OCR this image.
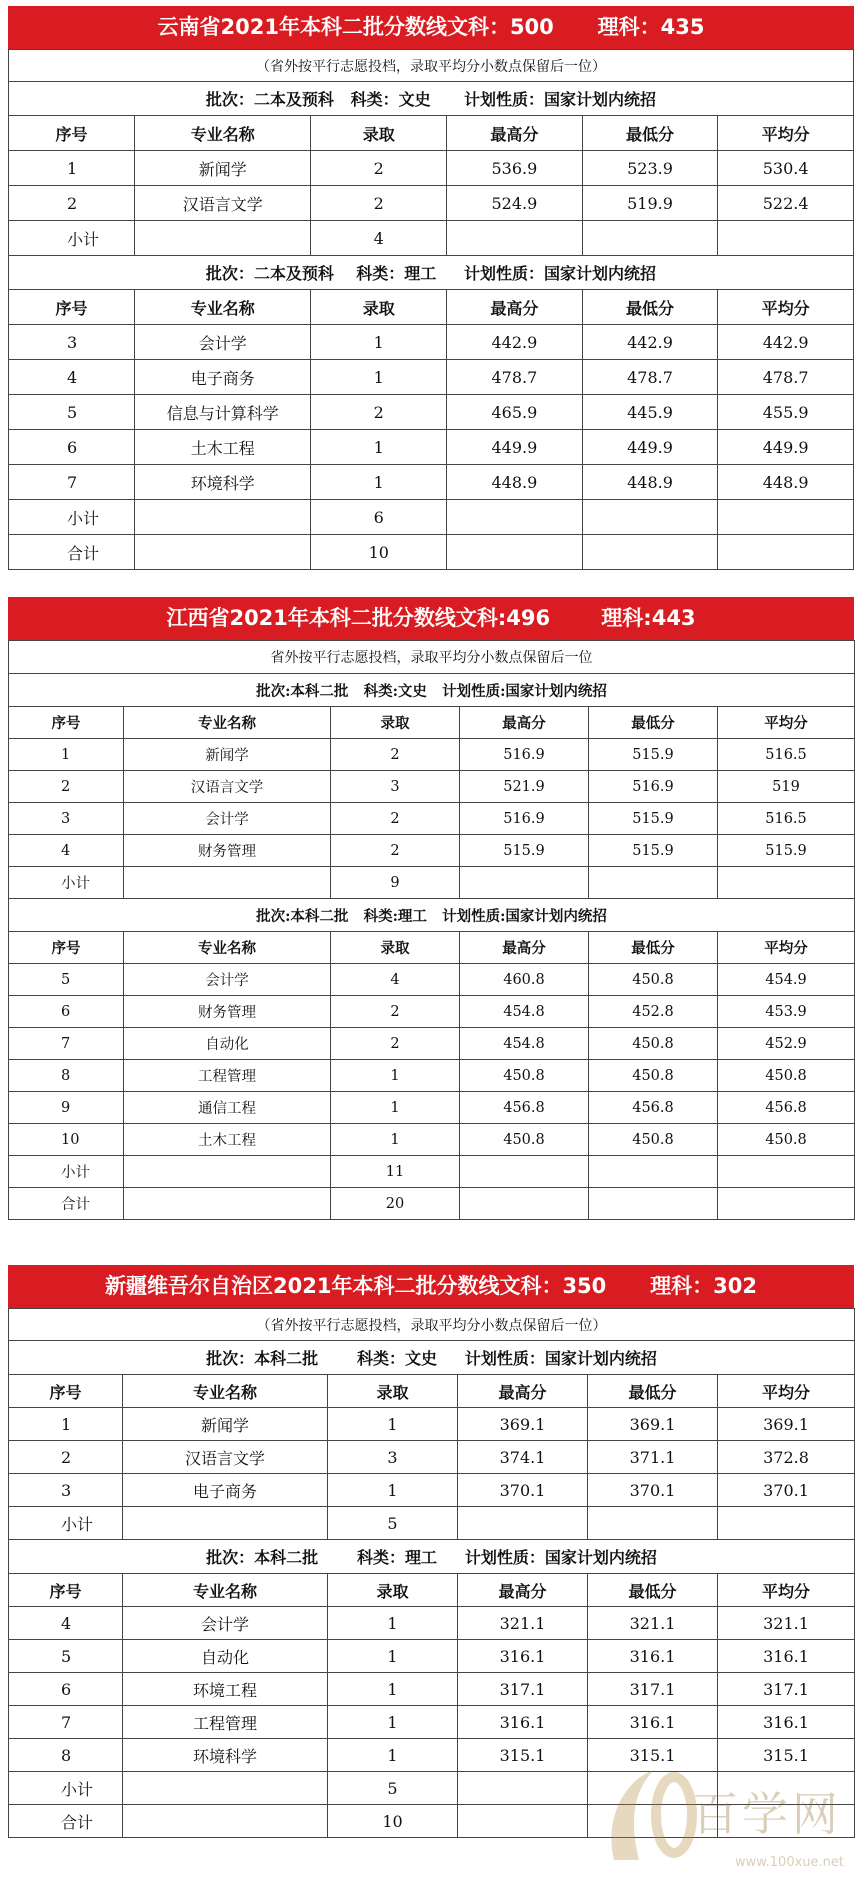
云南省2021年本科二批分数线文科：500      理科：435
（省外按平行志愿投档，录取平均分小数点保留后一位）					
批次：二本及预科   科类：文史      计划性质：国家计划内统招					
序号	专业名称	录取	最高分	最低分	平均分
1	新闻学	2	536.9	523.9	530.4
2	汉语言文学	2	524.9	519.9	522.4
小计		4			
批次：二本及预科    科类：理工     计划性质：国家计划内统招					
序号	专业名称	录取	最高分	最低分	平均分
3	会计学	1	442.9	442.9	442.9
4	电子商务	1	478.7	478.7	478.7
5	信息与计算科学	2	465.9	445.9	455.9
6	土木工程	1	449.9	449.9	449.9
7	环境科学	1	448.9	448.9	448.9
小计		6			
合计		10			
江西省2021年本科二批分数线文科:496       理科:443
省外按平行志愿投档，录取平均分小数点保留后一位					
批次:本科二批   科类:文史   计划性质:国家计划内统招					
序号	专业名称	录取	最高分	最低分	平均分
1	新闻学	2	516.9	515.9	516.5
2	汉语言文学	3	521.9	516.9	519
3	会计学	2	516.9	515.9	516.5
4	财务管理	2	515.9	515.9	515.9
小计		9			
批次:本科二批   科类:理工   计划性质:国家计划内统招					
序号	专业名称	录取	最高分	最低分	平均分
5	会计学	4	460.8	450.8	454.9
6	财务管理	2	454.8	452.8	453.9
7	自动化	2	454.8	450.8	452.9
8	工程管理	1	450.8	450.8	450.8
9	通信工程	1	456.8	456.8	456.8
10	土木工程	1	450.8	450.8	450.8
小计		11			
合计		20			
新疆维吾尔自治区2021年本科二批分数线文科：350      理科：302
（省外按平行志愿投档，录取平均分小数点保留后一位）					
批次：本科二批       科类：文史     计划性质：国家计划内统招					
序号	专业名称	录取	最高分	最低分	平均分
1	新闻学	1	369.1	369.1	369.1
2	汉语言文学	3	374.1	371.1	372.8
3	电子商务	1	370.1	370.1	370.1
小计		5			
批次：本科二批       科类：理工     计划性质：国家计划内统招					
序号	专业名称	录取	最高分	最低分	平均分
4	会计学	1	321.1	321.1	321.1
5	自动化	1	316.1	316.1	316.1
6	环境工程	1	317.1	317.1	317.1
7	工程管理	1	316.1	316.1	316.1
8	环境科学	1	315.1	315.1	315.1
小计		5			
合计		10				百学网
www.100xue.net
